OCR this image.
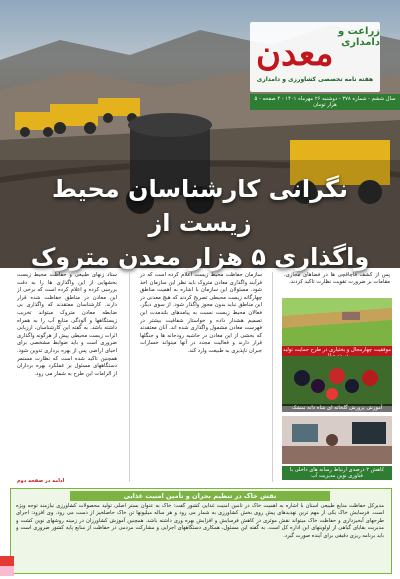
زراعت و دامداری
معدن
هفته نامه تخصصی کشاورزی و دامداری
سال ششم - شماره ۳۷۸ - دوشنبه ۲۶ مهرماه ۱۴۰۱ - ۴ صفحه - ۵ هزار تومان
نگرانی کارشناسان محیط زیست از
واگذاری ۵ هزار معدن متروک

ستاد زنهای طبیعی و حفاظت محیط زیست بخشهایی از این واگذاری ها را به دقت بررسی کرده و اعلام کرده است که برخی از این معادن در مناطق حفاظت شده قرار دارند. کارشناسان معتقدند که واگذاری بی ضابطه معادن متروک میتواند تخریب زیستگاهها و آلودگی منابع آب را به همراه داشته باشد. به گفته این کارشناسان، ارزیابی اثرات زیست محیطی پیش از هرگونه واگذاری ضروری است و باید ضوابط مشخصی برای احیای اراضی پس از بهره برداری تدوین شود. همچنین تاکید شده است که نظارت مستمر دستگاههای مسئول بر عملکرد بهره برداران از الزامات این طرح به شمار می رود.

سازمان حفاظت محیط زیست اعلام کرده است که در فرآیند واگذاری معادن متروک باید نظر این سازمان اخذ شود. مسئولان این سازمان با اشاره به اهمیت مناطق چهارگانه زیست محیطی تصریح کردند که هیچ معدنی در این مناطق نباید بدون مجوز واگذار شود. از سوی دیگر، فعالان محیط زیست نسبت به پیامدهای بلندمدت این تصمیم هشدار داده و خواستار شفافیت بیشتر در فهرست معادن مشمول واگذاری شده اند. آنان معتقدند که بخشی از این معادن در حاشیه رودخانه ها و جنگلها قرار دارند و فعالیت مجدد در آنها میتواند خسارات جبران ناپذیری به طبیعت وارد کند.

ادامه در صفحه دوم
پس از کشف قاچاقچی ها در فضاهای مجازی، مقامات بر ضرورت تقویت نظارت تاکید کردند.
موفقیت چهارمحال و بختیاری در طرح حمایت تولید
آموزش پرورش گلخانه ای شاه دانه تمشک
کاهش ۲ درصدی ارتباط رسانه های داخلی با فناوری نوین مدیریت آب
نقش خاک در تنظیم بحران و تأمین امنیت غذایی
مدیرکل حفاظت منابع طبیعی استان با اشاره به اهمیت خاک در تأمین امنیت غذایی کشور گفت: خاک به عنوان بستر اصلی تولید محصولات کشاورزی نیازمند توجه ویژه است. فرسایش خاک یکی از مهم ترین تهدیدهای پیش روی بخش کشاورزی به شمار می رود و هر ساله میلیونها تن خاک حاصلخیز از دست می رود. وی افزود: اجرای طرحهای آبخیزداری و حفاظت خاک میتواند نقش موثری در کاهش فرسایش و افزایش بهره وری داشته باشد. همچنین آموزش کشاورزان در زمینه روشهای نوین کشت و مدیریت بقایای گیاهی از اولویتهای این اداره کل است. به گفته این مسئول، همکاری دستگاههای اجرایی و مشارکت مردمی در حفاظت از منابع پایه کشور ضروری است و باید برنامه ریزی دقیقی برای آینده صورت گیرد.
